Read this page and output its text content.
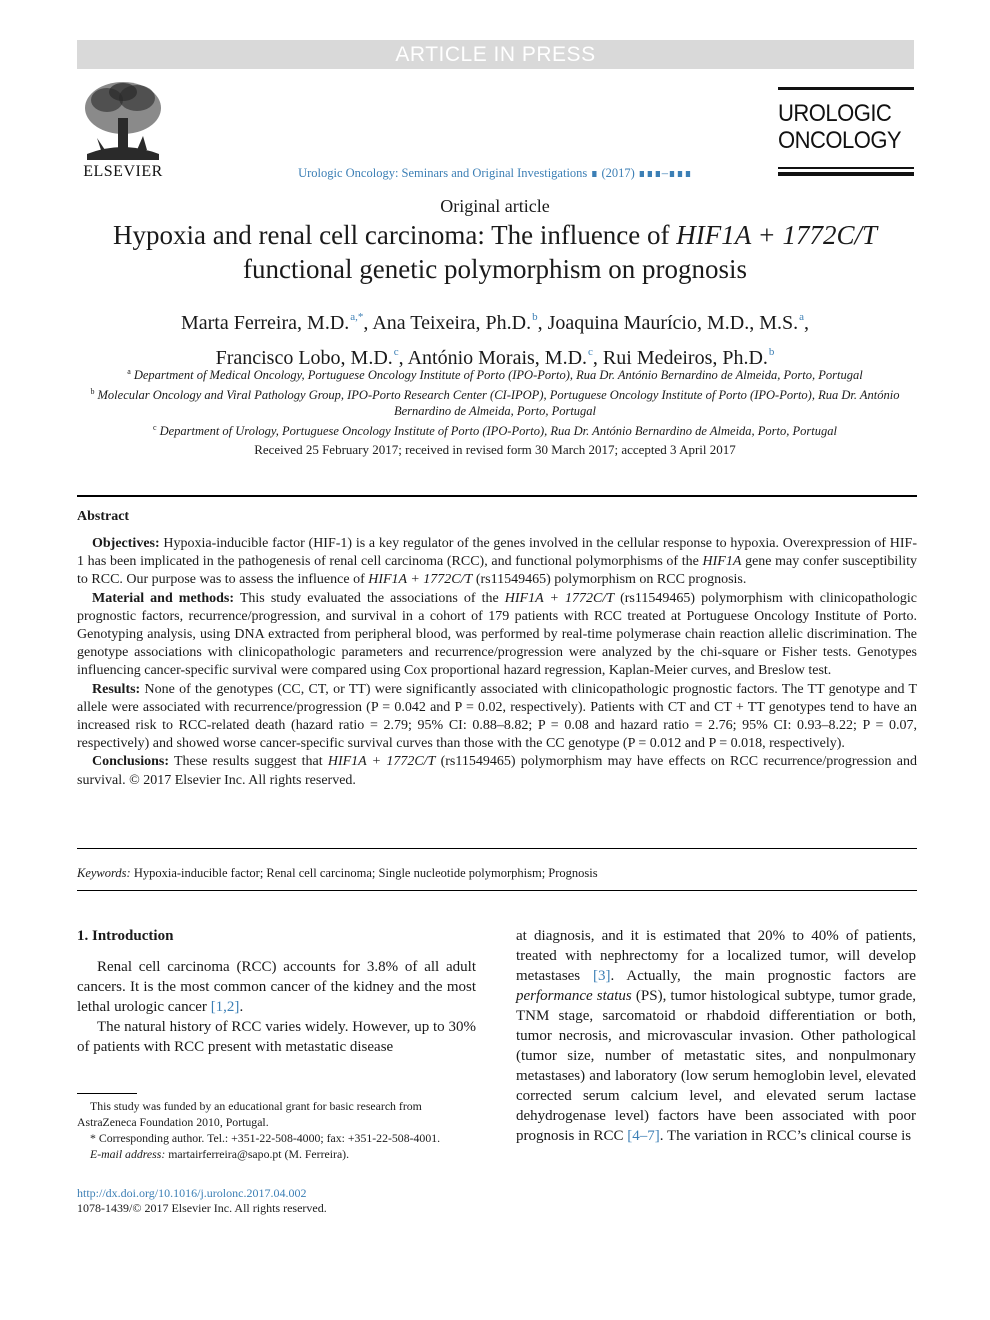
ARTICLE IN PRESS
ELSEVIER	Urologic Oncology: Seminars and Original Investigations ∎ (2017) ∎∎∎–∎∎∎
UROLOGIC
ONCOLOGY
Original article
Hypoxia and renal cell carcinoma: The influence of HIF1A + 1772C/T functional genetic polymorphism on prognosis
Marta Ferreira, M.D.$^{a,*}$, Ana Teixeira, Ph.D.$^b$, Joaquina Maurício, M.D., M.S.$^a$,
Francisco Lobo, M.D.$^c$, António Morais, M.D.$^c$, Rui Medeiros, Ph.D.$^b$
$^a$ Department of Medical Oncology, Portuguese Oncology Institute of Porto (IPO-Porto), Rua Dr. António Bernardino de Almeida, Porto, Portugal
$^b$ Molecular Oncology and Viral Pathology Group, IPO-Porto Research Center (CI-IPOP), Portuguese Oncology Institute of Porto (IPO-Porto), Rua Dr. António Bernardino de Almeida, Porto, Portugal
$^c$ Department of Urology, Portuguese Oncology Institute of Porto (IPO-Porto), Rua Dr. António Bernardino de Almeida, Porto, Portugal
Received 25 February 2017; received in revised form 30 March 2017; accepted 3 April 2017
Abstract

Objectives: Hypoxia-inducible factor (HIF-1) is a key regulator of the genes involved in the cellular response to hypoxia. Overexpression of HIF-1 has been implicated in the pathogenesis of renal cell carcinoma (RCC), and functional polymorphisms of the HIF1A gene may confer susceptibility to RCC. Our purpose was to assess the influence of HIF1A + 1772C/T (rs11549465) polymorphism on RCC prognosis.

Material and methods: This study evaluated the associations of the HIF1A + 1772C/T (rs11549465) polymorphism with clinicopathologic prognostic factors, recurrence/progression, and survival in a cohort of 179 patients with RCC treated at Portuguese Oncology Institute of Porto. Genotyping analysis, using DNA extracted from peripheral blood, was performed by real-time polymerase chain reaction allelic discrimination. The genotype associations with clinicopathologic parameters and recurrence/progression were analyzed by the chi-square or Fisher tests. Genotypes influencing cancer-specific survival were compared using Cox proportional hazard regression, Kaplan-Meier curves, and Breslow test.

Results: None of the genotypes (CC, CT, or TT) were significantly associated with clinicopathologic prognostic factors. The TT genotype and T allele were associated with recurrence/progression (P = 0.042 and P = 0.02, respectively). Patients with CT and CT + TT genotypes tend to have an increased risk to RCC-related death (hazard ratio = 2.79; 95% CI: 0.88–8.82; P = 0.08 and hazard ratio = 2.76; 95% CI: 0.93–8.22; P = 0.07, respectively) and showed worse cancer-specific survival curves than those with the CC genotype (P = 0.012 and P = 0.018, respectively).

Conclusions: These results suggest that HIF1A + 1772C/T (rs11549465) polymorphism may have effects on RCC recurrence/progression and survival. © 2017 Elsevier Inc. All rights reserved.

Keywords: Hypoxia-inducible factor; Renal cell carcinoma; Single nucleotide polymorphism; Prognosis
1. Introduction

Renal cell carcinoma (RCC) accounts for 3.8% of all adult cancers. It is the most common cancer of the kidney and the most lethal urologic cancer [1,2].

The natural history of RCC varies widely. However, up to 30% of patients with RCC present with metastatic disease

at diagnosis, and it is estimated that 20% to 40% of patients, treated with nephrectomy for a localized tumor, will develop metastases [3]. Actually, the main prognostic factors are performance status (PS), tumor histological subtype, tumor grade, TNM stage, sarcomatoid or rhabdoid differentiation or both, tumor necrosis, and microvascular invasion. Other pathological (tumor size, number of metastatic sites, and nonpulmonary metastases) and laboratory (low serum hemoglobin level, elevated corrected serum calcium level, and elevated serum lactase dehydrogenase level) factors have been associated with poor prognosis in RCC [4–7]. The variation in RCC’s clinical course is

This study was funded by an educational grant for basic research from AstraZeneca Foundation 2010, Portugal.

* Corresponding author. Tel.: +351-22-508-4000; fax: +351-22-508-4001.

E-mail address: martairferreira@sapo.pt (M. Ferreira).

http://dx.doi.org/10.1016/j.urolonc.2017.04.002
1078-1439/© 2017 Elsevier Inc. All rights reserved.
